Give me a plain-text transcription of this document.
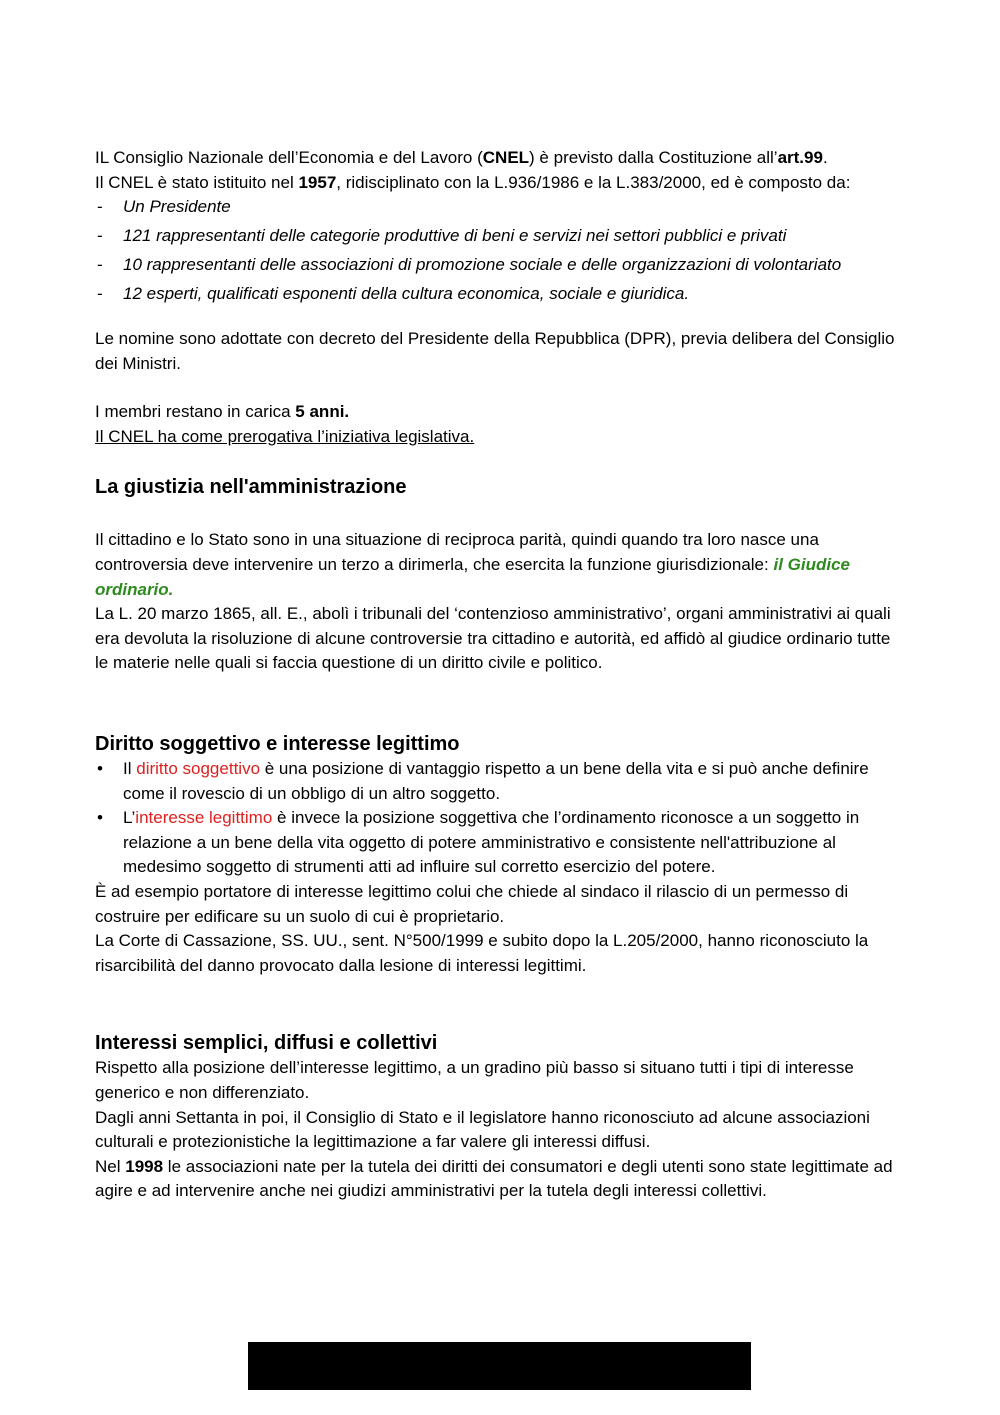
IL Consiglio Nazionale dell’Economia e del Lavoro (CNEL) è previsto dalla Costituzione all’art.99.

Il CNEL è stato istituito nel 1957, ridisciplinato con la L.936/1986 e la L.383/2000, ed è composto da:

- Un Presidente
- 121 rappresentanti delle categorie produttive di beni e servizi nei settori pubblici e privati
- 10 rappresentanti delle associazioni di promozione sociale e delle organizzazioni di volontariato
- 12 esperti, qualificati esponenti della cultura economica, sociale e giuridica.

Le nomine sono adottate con decreto del Presidente della Repubblica (DPR), previa delibera del Consiglio dei Ministri.

I membri restano in carica 5 anni.

Il CNEL ha come prerogativa l’iniziativa legislativa.

La giustizia nell'amministrazione

Il cittadino e lo Stato sono in una situazione di reciproca parità, quindi quando tra loro nasce una controversia deve intervenire un terzo a dirimerla, che esercita la funzione giurisdizionale: il Giudice ordinario.

La L. 20 marzo 1865, all. E., abolì i tribunali del ‘contenzioso amministrativo’, organi amministrativi ai quali era devoluta la risoluzione di alcune controversie tra cittadino e autorità, ed affidò al giudice ordinario tutte le materie nelle quali si faccia questione di un diritto civile e politico.

Diritto soggettivo e interesse legittimo
• Il diritto soggettivo è una posizione di vantaggio rispetto a un bene della vita e si può anche definire come il rovescio di un obbligo di un altro soggetto.
• L’interesse legittimo è invece la posizione soggettiva che l’ordinamento riconosce a un soggetto in relazione a un bene della vita oggetto di potere amministrativo e consistente nell'attribuzione al medesimo soggetto di strumenti atti ad influire sul corretto esercizio del potere.

È ad esempio portatore di interesse legittimo colui che chiede al sindaco il rilascio di un permesso di costruire per edificare su un suolo di cui è proprietario.

La Corte di Cassazione, SS. UU., sent. N°500/1999 e subito dopo la L.205/2000, hanno riconosciuto la risarcibilità del danno provocato dalla lesione di interessi legittimi.

Interessi semplici, diffusi e collettivi

Rispetto alla posizione dell’interesse legittimo, a un gradino più basso si situano tutti i tipi di interesse generico e non differenziato.

Dagli anni Settanta in poi, il Consiglio di Stato e il legislatore hanno riconosciuto ad alcune associazioni culturali e protezionistiche la legittimazione a far valere gli interessi diffusi.

Nel 1998 le associazioni nate per la tutela dei diritti dei consumatori e degli utenti sono state legittimate ad agire e ad intervenire anche nei giudizi amministrativi per la tutela degli interessi collettivi.
